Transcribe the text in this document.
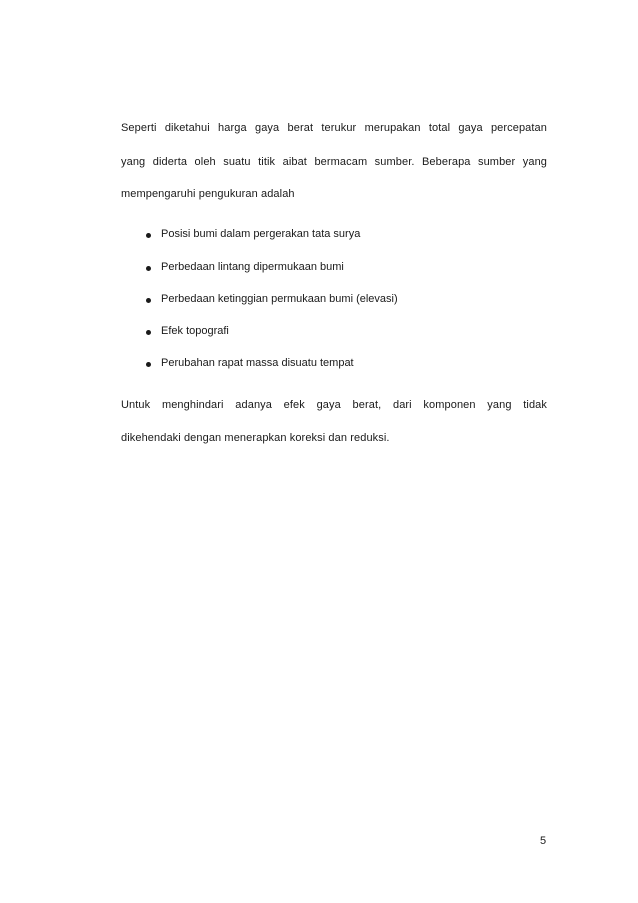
Seperti diketahui harga gaya berat terukur merupakan total gaya percepatan
yang diderta oleh suatu titik aibat bermacam sumber. Beberapa sumber yang
mempengaruhi pengukuran adalah
Posisi bumi dalam pergerakan tata surya
Perbedaan lintang dipermukaan bumi
Perbedaan ketinggian permukaan bumi (elevasi)
Efek topografi
Perubahan rapat massa disuatu tempat
Untuk menghindari adanya efek gaya berat, dari komponen yang tidak
dikehendaki dengan menerapkan koreksi dan reduksi.
5
